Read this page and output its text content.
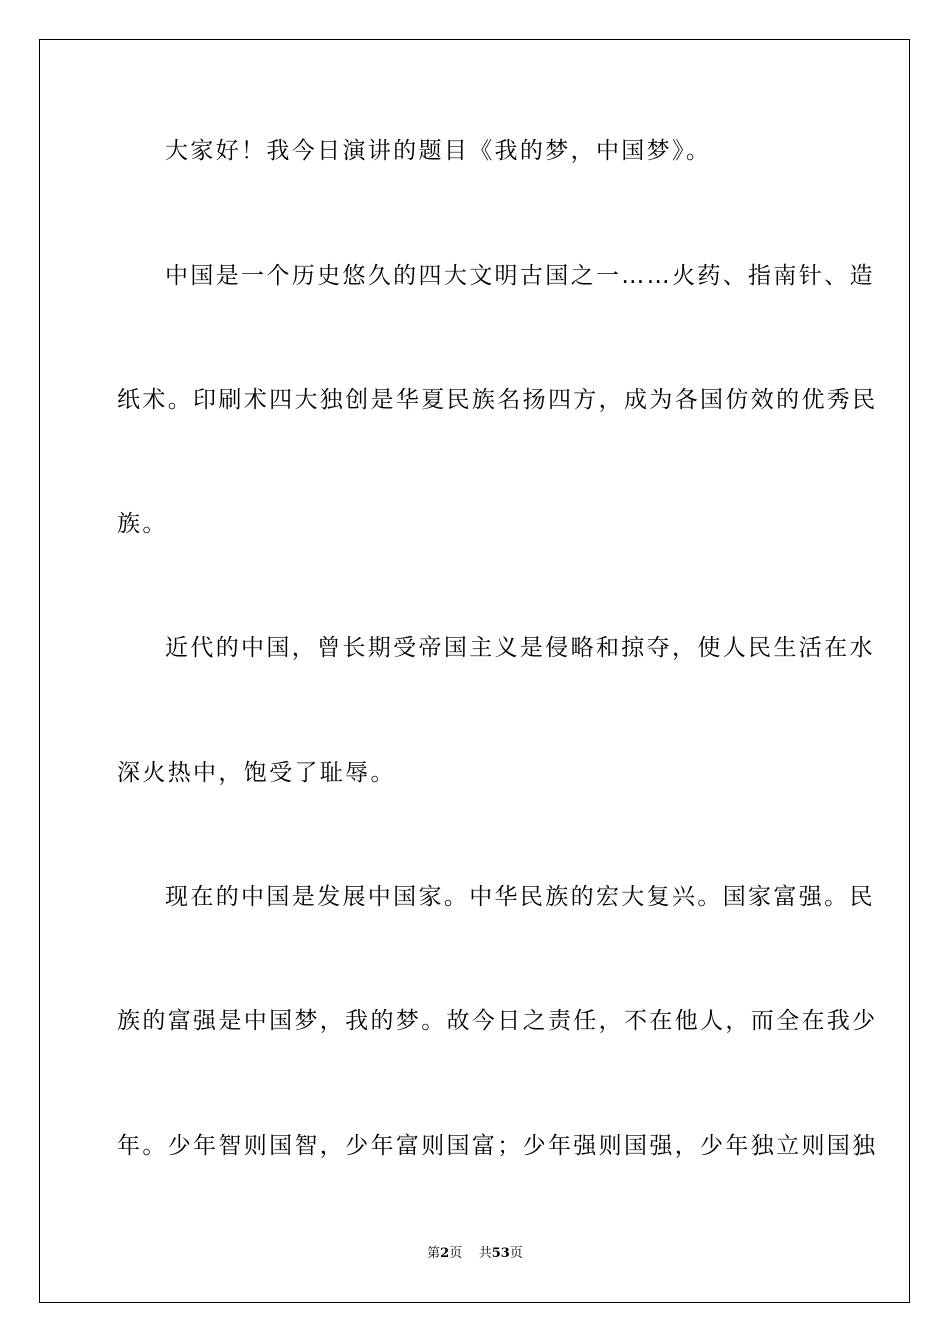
大家好！我今日演讲的题目《我的梦，中国梦》。
中国是一个历史悠久的四大文明古国之一……火药、指南针、造
纸术。印刷术四大独创是华夏民族名扬四方，成为各国仿效的优秀民
族。
近代的中国，曾长期受帝国主义是侵略和掠夺，使人民生活在水
深火热中，饱受了耻辱。
现在的中国是发展中国家。中华民族的宏大复兴。国家富强。民
族的富强是中国梦，我的梦。故今日之责任，不在他人，而全在我少
年。少年智则国智，少年富则国富；少年强则国强，少年独立则国独
第2页 共53页
